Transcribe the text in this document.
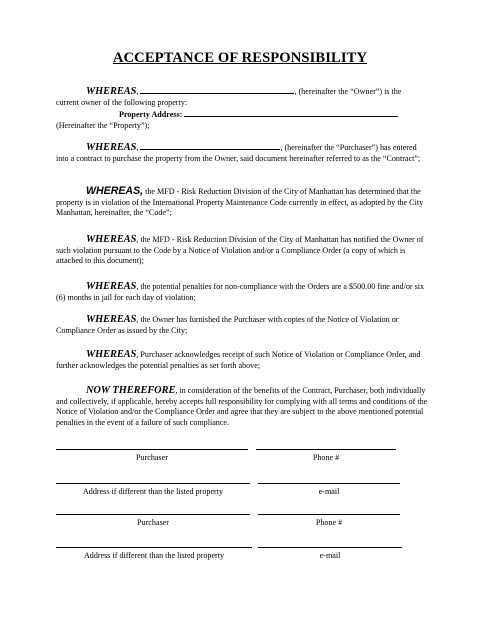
ACCEPTANCE OF RESPONSIBILITY

WHEREAS,	, (hereinafter the “Owner”) is the
current owner of the following property:
Property Address:
(Hereinafter the “Property”);

WHEREAS,	, (hereinafter the “Purchaser”) has entered into a contract to purchase the property from the Owner, said document hereinafter referred to as the “Contract”;

WHEREAS, the MFD - Risk Reduction Division of the City of Manhattan has determined that the property is in violation of the International Property Maintenance Code currently in effect, as adopted by the City Manhattan, hereinafter, the “Code”;

WHEREAS, the MFD - Risk Reduction Division of the City of Manhattan has notified the Owner of such violation pursuant to the Code by a Notice of Violation and/or a Compliance Order (a copy of which is attached to this document);

WHEREAS, the potential penalties for non-compliance with the Orders are a $500.00 fine and/or six (6) months in jail for each day of violation;

WHEREAS, the Owner has furnished the Purchaser with copies of the Notice of Violation or Compliance Order as issued by the City;

WHEREAS, Purchaser acknowledges receipt of such Notice of Violation or Compliance Order, and further acknowledges the potential penalties as set forth above;

NOW THEREFORE, in consideration of the benefits of the Contract, Purchaser, both individually and collectively, if applicable, hereby accepts full responsibility for complying with all terms and conditions of the Notice of Violation and/or the Compliance Order and agree that they are subject to the above mentioned potential penalties in the event of a failure of such compliance.

Purchaser	Phone #
Address if different than the listed property	e-mail
Purchaser	Phone #
Address if different than the listed property	e-mail
